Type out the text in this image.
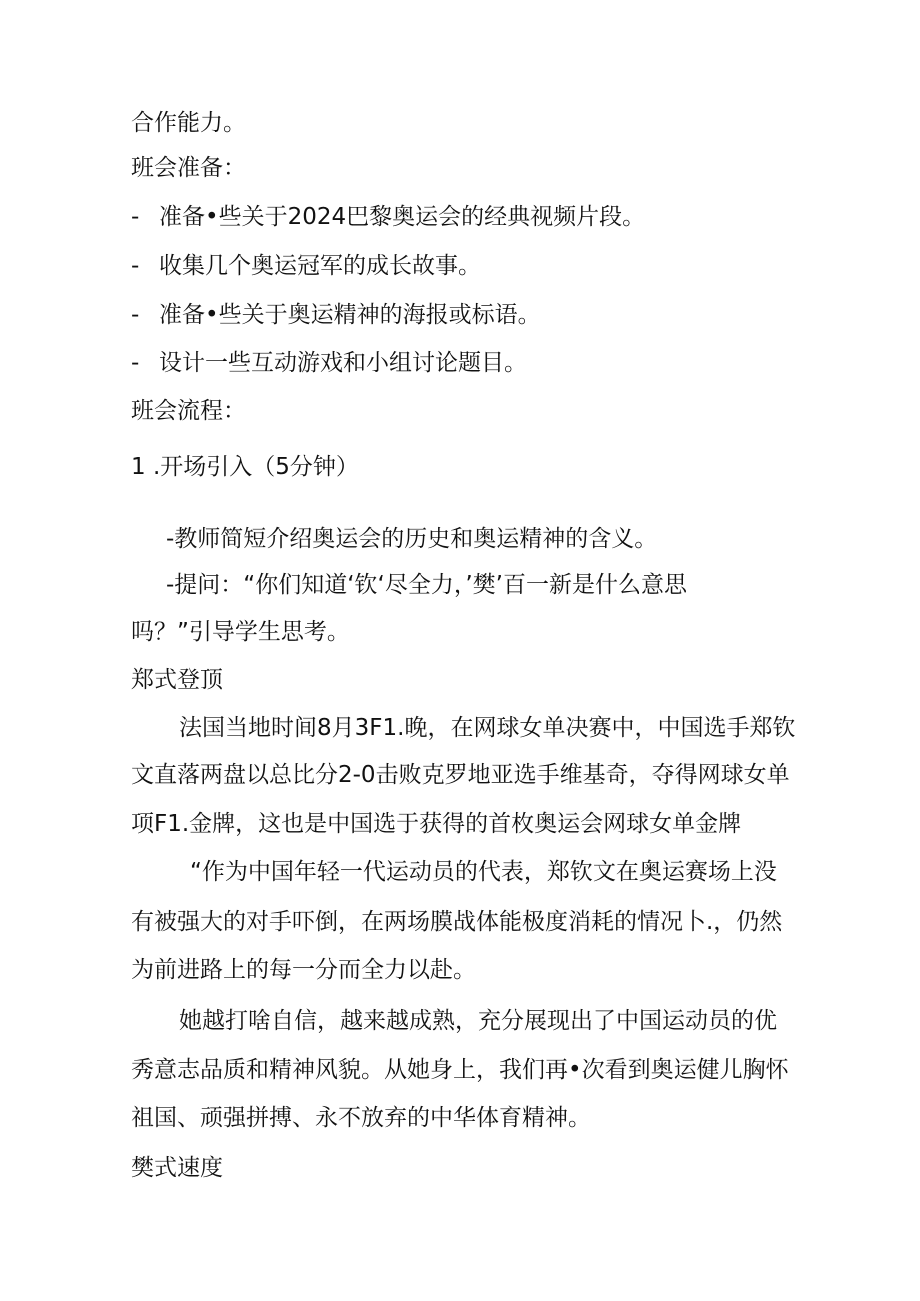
合作能力。

班会准备：

- 准备•些关于2024巴黎奥运会的经典视频片段。

- 收集几个奥运冠军的成长故事。

- 准备•些关于奥运精神的海报或标语。

- 设计一些互动游戏和小组讨论题目。

班会流程：

1 .开场引入（5分钟）

-教师简短介绍奥运会的历史和奥运精神的含义。

-提问：“你们知道‘钦‘尽全力，’樊’百一新是什么意思

吗？”引导学生思考。

郑式登顶

法国当地时间8月3F1.晚，在网球女单决赛中，中国选手郑钦

文直落两盘以总比分2-0击败克罗地亚选手维基奇，夺得网球女单

项F1.金牌，这也是中国选于获得的首枚奥运会网球女单金牌

“作为中国年轻一代运动员的代表，郑钦文在奥运赛场上没

有被强大的对手吓倒，在两场膜战体能极度消耗的情况卜.，仍然

为前进路上的每一分而全力以赴。

她越打啥自信，越来越成熟，充分展现出了中国运动员的优

秀意志品质和精神风貌。从她身上，我们再•次看到奥运健儿胸怀

祖国、顽强拼搏、永不放弃的中华体育精神。

樊式速度
